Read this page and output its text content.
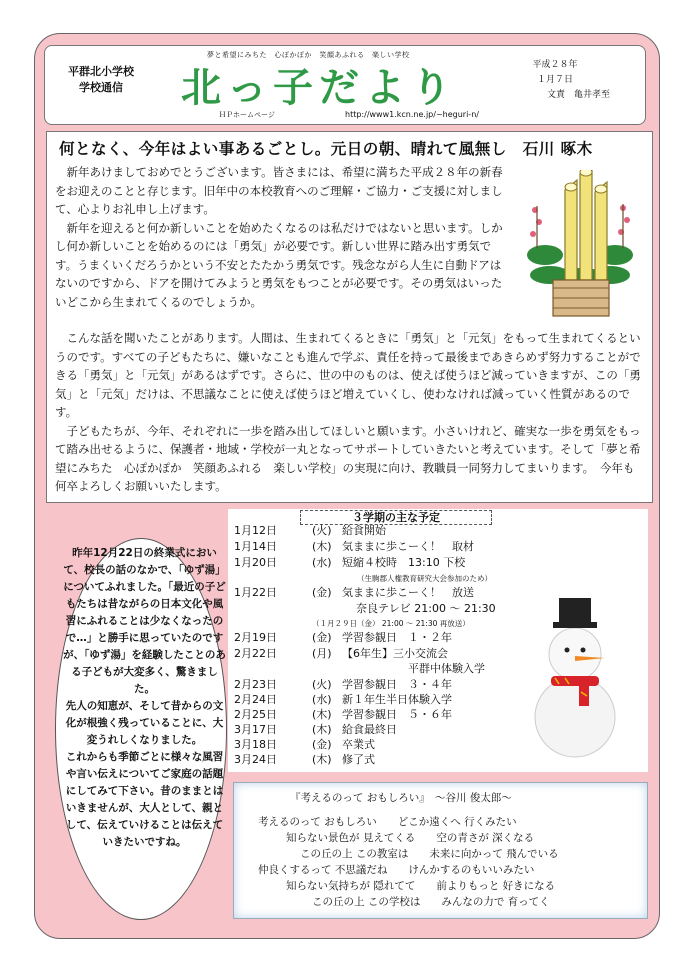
平群北小学校
学校通信
夢と希望にみちた　心ぽかぽか　笑顔あふれる　楽しい学校
北っ子だより	平成２８年
１月７日
文責　亀井孝至
ＨＰホームページ	http://www1.kcn.ne.jp/~heguri-n/
何となく、今年はよい事あるごとし。元日の朝、晴れて風無し　石川 啄木

　新年あけましておめでとうございます。皆さまには、希望に満ちた平成２８年の新春をお迎えのことと存じます。旧年中の本校教育へのご理解・ご協力・ご支援に対しまして、心よりお礼申し上げます。
　新年を迎えると何か新しいことを始めたくなるのは私だけではないと思います。しかし何か新しいことを始めるのには「勇気」が必要です。新しい世界に踏み出す勇気です。うまくいくだろうかという不安とたたかう勇気です。残念ながら人生に自動ドアはないのですから、ドアを開けてみようと勇気をもつことが必要です。その勇気はいったいどこから生まれてくるのでしょうか。

　こんな話を聞いたことがあります。人間は、生まれてくるときに「勇気」と「元気」をもって生まれてくるというのです。すべての子どもたちに、嫌いなことも進んで学ぶ、責任を持って最後まであきらめず努力することができる「勇気」と「元気」があるはずです。さらに、世の中のものは、使えば使うほど減っていきますが、この「勇気」と「元気」だけは、不思議なことに使えば使うほど増えていくし、使わなければ減っていく性質があるのです。
　子どもたちが、今年、それぞれに一歩を踏み出してほしいと願います。小さいけれど、確実な一歩を勇気をもって踏み出せるように、保護者・地域・学校が一丸となってサポートしていきたいと考えています。そして「夢と希望にみちた　心ぽかぽか　笑顔あふれる　楽しい学校」の実現に向け、教職員一同努力してまいります。　今年も何卒よろしくお願いいたします。

昨年12月22日の終業式において、校長の話のなかで、「ゆず湯」についてふれました。「最近の子どもたちは昔ながらの日本文化や風習にふれることは少なくなったので…」と勝手に思っていたのですが、「ゆず湯」を経験したことのある子どもが大変多く、驚きました。
先人の知恵が、そして昔からの文化が根強く残っていることに、大変うれしくなりました。
これからも季節ごとに様々な風習や言い伝えについてご家庭の話題にしてみて下さい。昔のままとはいきませんが、大人として、親として、伝えていけることは伝えていきたいですね。
３学期の主な予定
1月12日	(火) 給食開始
1月14日	(木) 気ままに歩こーく！　取材
1月20日	(水) 短縮４校時　13:10 下校
（生駒郡人権教育研究大会参加のため）
1月22日	(金) 気ままに歩こーく！　放送
奈良テレビ 21:00 ～ 21:30
（１月２９日（金） 21:00 ～ 21:30 再放送）
2月19日	(金) 学習参観日　１・２年
2月22日	(月) 【6年生】三小交流会
平群中体験入学
2月23日	(火) 学習参観日　３・４年
2月24日	(水) 新１年生半日体験入学
2月25日	(木) 学習参観日　５・６年
3月17日	(木) 給食最終日
3月18日	(金) 卒業式
3月24日	(木) 修了式
『考えるのって おもしろい』　～谷川 俊太郎～
考えるのって おもしろい　　どこか遠くへ 行くみたい
知らない景色が 見えてくる　　空の青さが 深くなる
この丘の上 この教室は　　未来に向かって 飛んでいる
仲良くするって 不思議だね　　けんかするのもいいみたい
知らない気持ちが 隠れてて　　前よりもっと 好きになる
この丘の上 この学校は　　みんなの力で 育ってく
